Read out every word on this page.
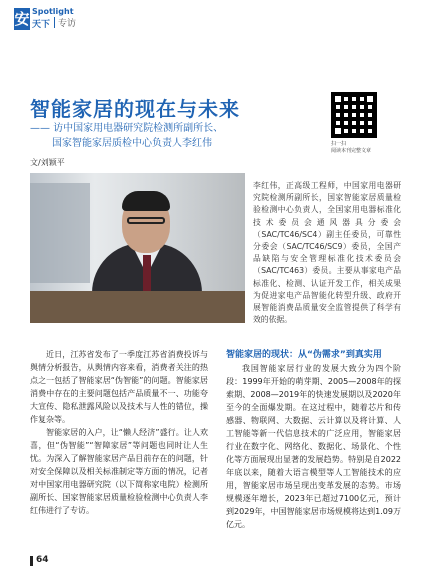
安 Spotlight
天下 专访
智能家居的现在与未来
—— 访中国家用电器研究院检测所副所长、
国家智能家居质检中心负责人李红伟
文/刘颖平
扫一扫
阅读本刊完整文章
李红伟，正高级工程师，中国家用电器研究院检测所副所长，国家智能家居质量检验检测中心负责人，全国家用电器标准化技术委员会通风器具分委会（SAC/TC46/SC4）副主任委员，可靠性分委会（SAC/TC46/SC9）委员，全国产品缺陷与安全管理标准化技术委员会（SAC/TC463）委员。主要从事家电产品标准化、检测、认证开发工作，相关成果为促进家电产品智能化转型升级、政府开展智能消费品质量安全监管提供了科学有效的依据。

近日，江苏省发布了一季度江苏省消费投诉与舆情分析报告，从舆情内容来看，消费者关注的热点之一包括了智能家居“伪智能”的问题。智能家居消费中存在的主要问题包括产品质量不一、功能夸大宣传、隐私泄露风险以及技术与人性的错位，操作复杂等。

智能家居的入户，让“懒人经济”盛行。让人欢喜，但“伪智能”“智障家居”等问题也同时让人生忧。为深入了解智能家居产品目前存在的问题，针对安全保障以及相关标准制定等方面的情况，记者对中国家用电器研究院（以下简称家电院）检测所副所长、国家智能家居质量检验检测中心负责人李红伟进行了专访。

智能家居的现状：从“伪需求”到真实用

我国智能家居行业的发展大致分为四个阶段：1999年开始的萌芽期、2005—2008年的探索期、2008—2019年的快速发展期以及2020年至今的全面爆发期。在这过程中，随着芯片和传感器、物联网、大数据、云计算以及将计算、人工智能等新一代信息技术的广泛应用，智能家居行业在数字化、网络化、数据化、场景化、个性化等方面展现出显著的发展趋势。特别是自2022年底以来，随着大语言模型等人工智能技术的应用，智能家居市场呈现出变革发展的态势。市场规模逐年增长，2023年已超过7100亿元，预计到2029年，中国智能家居市场规模将达到1.09万亿元。

64
